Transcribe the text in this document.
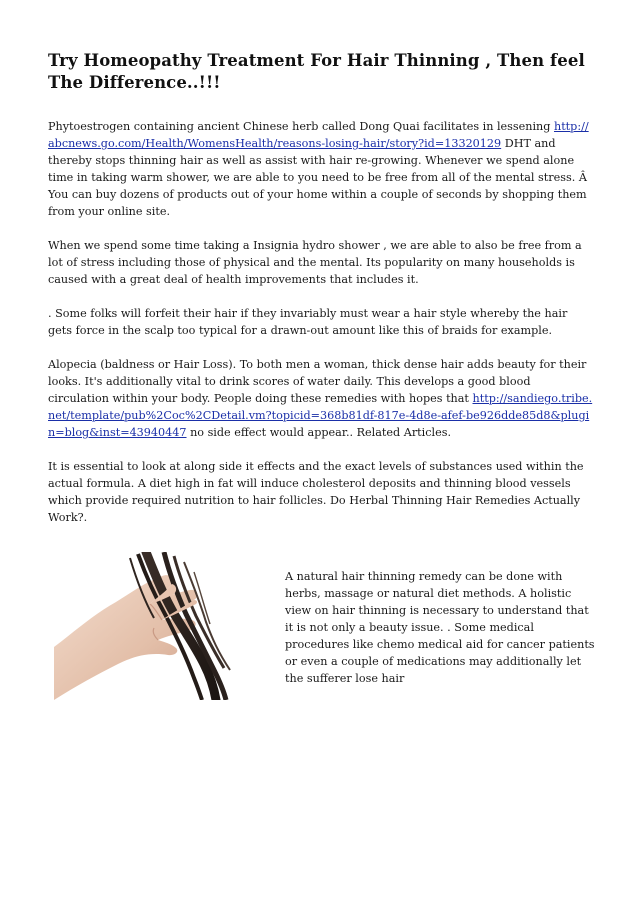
Try Homeopathy Treatment For Hair Thinning , Then feel The Difference..!!!

Phytoestrogen containing ancient Chinese herb called Dong Quai facilitates in lessening http://abcnews.go.com/Health/WomensHealth/reasons-losing-hair/story?id=13320129 DHT and thereby stops thinning hair as well as assist with hair re-growing. Whenever we spend alone time in taking warm shower, we are able to you need to be free from all of the mental stress. Â You can buy dozens of products out of your home within a couple of seconds by shopping them from your online site.

When we spend some time taking a Insignia hydro shower , we are able to also be free from a lot of stress including those of physical and the mental. Its popularity on many households is caused with a great deal of health improvements that includes it.

. Some folks will forfeit their hair if they invariably must wear a hair style whereby the hair gets force in the scalp too typical for a drawn-out amount like this of braids for example.

Alopecia (baldness or Hair Loss). To both men a woman, thick dense hair adds beauty for their looks. It's additionally vital to drink scores of water daily. This develops a good blood circulation within your body. People doing these remedies with hopes that http://sandiego.tribe.net/template/pub%2Coc%2CDetail.vm?topicid=368b81df-817e-4d8e-afef-be926dde85d8&plugin=blog&inst=43940447 no side effect would appear.. Related Articles.

It is essential to look at along side it effects and the exact levels of substances used within the actual formula. A diet high in fat will induce cholesterol deposits and thinning blood vessels which provide required nutrition to hair follicles. Do Herbal Thinning Hair Remedies Actually Work?.

A natural hair thinning remedy can be done with herbs, massage or natural diet methods. A holistic view on hair thinning is necessary to understand that it is not only a beauty issue. . Some medical procedures like chemo medical aid for cancer patients or even a couple of medications may additionally let the sufferer lose hair
